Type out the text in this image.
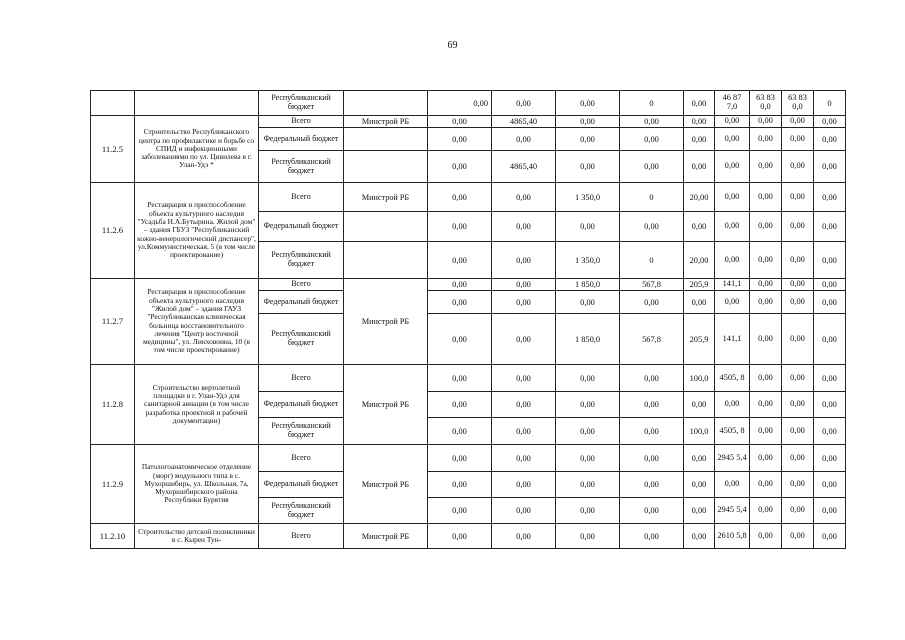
69
		Республиканский бюджет		0,00	0,00	0,00	0	0,00	46 87 7,0	63 83 0,0	63 83 0,0	0
11.2.5	Строительство Республиканского центра по профилактике и борьбе со СПИД и инфекционными заболеваниями по ул. Цивилева в г. Улан-Удэ *	Всего	Минстрой РБ	0,00	4865,40	0,00	0,00	0,00	0,00	0,00	0,00	0,00
		Федеральный бюджет		0,00	0,00	0,00	0,00	0,00	0,00	0,00	0,00	0,00
		Республиканский бюджет		0,00	4865,40	0,00	0,00	0,00	0,00	0,00	0,00	0,00
11.2.6	Реставрация и приспособление объекта культурного наследия "Усадьба Н.А.Бутырина. Жилой дом" – здания ГБУЗ "Республиканский кожно-венерологический диспансер", ул.Коммунистическая, 5 (в том числе проектирование)	Всего	Минстрой РБ	0,00	0,00	1 350,0	0	20,00	0,00	0,00	0,00	0,00
		Федеральный бюджет		0,00	0,00	0,00	0,00	0,00	0,00	0,00	0,00	0,00
		Республиканский бюджет		0,00	0,00	1 350,0	0	20,00	0,00	0,00	0,00	0,00
11.2.7	Реставрация и приспособление объекта культурного наследия "Жилой дом" – здания ГАУЗ "Республиканская клиническая больница восстановительного лечения "Центр восточной медицины", ул. Линховоина, 10 (в том числе проектирование)	Всего	Минстрой РБ	0,00	0,00	1 850,0	567,8	205,9	141,1	0,00	0,00	0,00
		Федеральный бюджет		0,00	0,00	0,00	0,00	0,00	0,00	0,00	0,00	0,00
		Республиканский бюджет		0,00	0,00	1 850,0	567,8	205,9	141,1	0,00	0,00	0,00
11.2.8	Строительство вертолетной площадки в г. Улан-Удэ для санитарной авиации (в том числе разработка проектной и рабочей документации)	Всего	Минстрой РБ	0,00	0,00	0,00	0,00	100,0	4505, 8	0,00	0,00	0,00
		Федеральный бюджет		0,00	0,00	0,00	0,00	0,00	0,00	0,00	0,00	0,00
		Республиканский бюджет		0,00	0,00	0,00	0,00	100,0	4505, 8	0,00	0,00	0,00
11.2.9	Патологоанатомическое отделение (морг) модульного типа в с. Мухоршибирь, ул. Школьная, 7а, Мухоршибирского района Республики Бурятия	Всего	Минстрой РБ	0,00	0,00	0,00	0,00	0,00	2945 5,4	0,00	0,00	0,00
		Федеральный бюджет		0,00	0,00	0,00	0,00	0,00	0,00	0,00	0,00	0,00
		Республиканский бюджет		0,00	0,00	0,00	0,00	0,00	2945 5,4	0,00	0,00	0,00
11.2.10	Строительство детской поликлиники в с. Кырен Тун-	Всего	Минстрой РБ	0,00	0,00	0,00	0,00	0,00	2610 5,8	0,00	0,00	0,00
